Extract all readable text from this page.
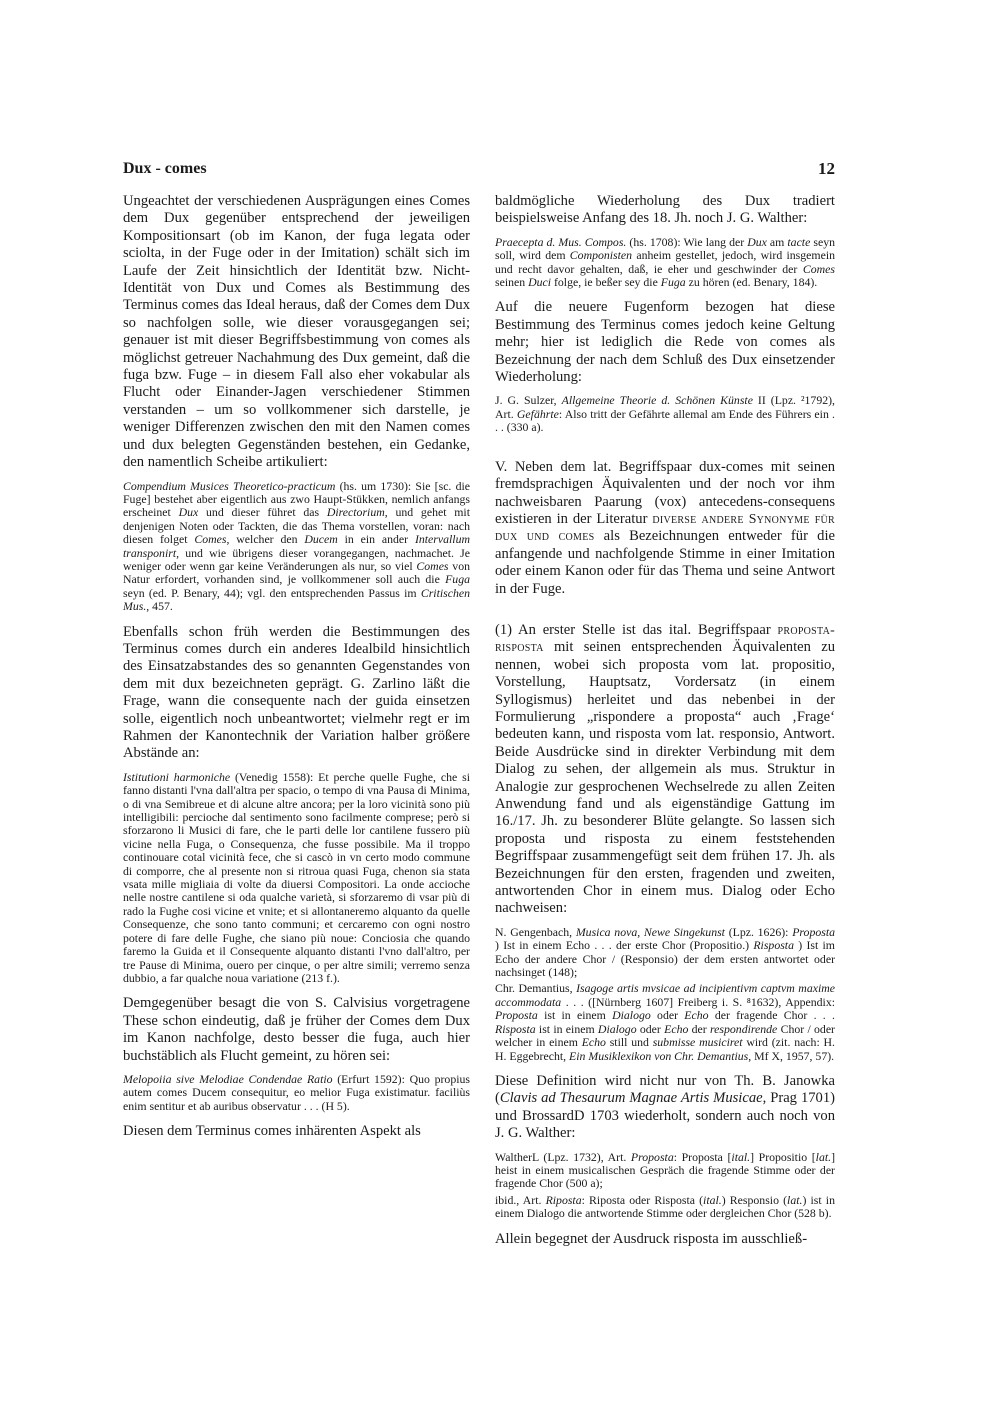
Dux - comes	12

Ungeachtet der verschiedenen Ausprägungen eines Comes dem Dux gegenüber entsprechend der jeweiligen Kompositionsart (ob im Kanon, der fuga legata oder sciolta, in der Fuge oder in der Imitation) schält sich im Laufe der Zeit hinsichtlich der Identität bzw. Nicht-Identität von Dux und Comes als Bestimmung des Terminus comes das Ideal heraus, daß der Comes dem Dux so nachfolgen solle, wie dieser vorausgegangen sei; genauer ist mit dieser Begriffsbestimmung von comes als möglichst getreuer Nachahmung des Dux gemeint, daß die fuga bzw. Fuge – in diesem Fall also eher vokabular als Flucht oder Einander-Jagen verschiedener Stimmen verstanden – um so vollkommener sich darstelle, je weniger Differenzen zwischen den mit den Namen comes und dux belegten Gegenständen bestehen, ein Gedanke, den namentlich Scheibe artikuliert:

Compendium Musices Theoretico-practicum (hs. um 1730): Sie [sc. die Fuge] bestehet aber eigentlich aus zwo Haupt-Stükken, nemlich anfangs erscheinet Dux und dieser führet das Directorium, und gehet mit denjenigen Noten oder Tackten, die das Thema vorstellen, voran: nach diesen folget Comes, welcher den Ducem in ein ander Intervallum transponirt, und wie übrigens dieser vorangegangen, nachmachet. Je weniger oder wenn gar keine Veränderungen als nur, so viel Comes von Natur erfordert, vorhanden sind, je vollkommener soll auch die Fuga seyn (ed. P. Benary, 44); vgl. den entsprechenden Passus im Critischen Mus., 457.

Ebenfalls schon früh werden die Bestimmungen des Terminus comes durch ein anderes Idealbild hinsichtlich des Einsatzabstandes des so genannten Gegenstandes von dem mit dux bezeichneten geprägt. G. Zarlino läßt die Frage, wann die consequente nach der guida einsetzen solle, eigentlich noch unbeantwortet; vielmehr regt er im Rahmen der Kanontechnik der Variation halber größere Abstände an:

Istitutioni harmoniche (Venedig 1558): Et perche quelle Fughe, che si fanno distanti l'vna dall'altra per spacio, o tempo di vna Pausa di Minima, o di vna Semibreue et di alcune altre ancora; per la loro vicinità sono più intelligibili: percioche dal sentimento sono facilmente comprese; però si sforzarono li Musici di fare, che le parti delle lor cantilene fussero più vicine nella Fuga, o Consequenza, che fusse possibile. Ma il troppo continouare cotal vicinità fece, che si cascò in vn certo modo commune di comporre, che al presente non si ritroua quasi Fuga, chenon sia stata vsata mille migliaia di volte da diuersi Compositori. La onde accioche nelle nostre cantilene si oda qualche varietà, si sforzaremo di vsar più di rado la Fughe cosi vicine et vnite; et si allontaneremo alquanto da quelle Consequenze, che sono tanto communi; et cercaremo con ogni nostro potere di fare delle Fughe, che siano più noue: Conciosia che quando faremo la Guida et il Consequente alquanto distanti l'vno dall'altro, per tre Pause di Minima, ouero per cinque, o per altre simili; verremo senza dubbio, a far qualche noua variatione (213 f.).

Demgegenüber besagt die von S. Calvisius vorgetragene These schon eindeutig, daß je früher der Comes dem Dux im Kanon nachfolge, desto besser die fuga, auch hier buchstäblich als Flucht gemeint, zu hören sei:

Melopoiia sive Melodiae Condendae Ratio (Erfurt 1592): Quo propius autem comes Ducem consequitur, eo melior Fuga existimatur. faciliùs enim sentitur et ab auribus observatur . . . (H 5).

Diesen dem Terminus comes inhärenten Aspekt als

baldmögliche Wiederholung des Dux tradiert beispielsweise Anfang des 18. Jh. noch J. G. Walther:

Praecepta d. Mus. Compos. (hs. 1708): Wie lang der Dux am tacte seyn soll, wird dem Componisten anheim gestellet, jedoch, wird insgemein und recht davor gehalten, daß, ie eher und geschwinder der Comes seinen Duci folge, ie beßer sey die Fuga zu hören (ed. Benary, 184).

Auf die neuere Fugenform bezogen hat diese Bestimmung des Terminus comes jedoch keine Geltung mehr; hier ist lediglich die Rede von comes als Bezeichnung der nach dem Schluß des Dux einsetzender Wiederholung:

J. G. Sulzer, Allgemeine Theorie d. Schönen Künste II (Lpz. ²1792), Art. Gefährte: Also tritt der Gefährte allemal am Ende des Führers ein . . . (330 a).

V. Neben dem lat. Begriffspaar dux-comes mit seinen fremdsprachigen Äquivalenten und der noch vor ihm nachweisbaren Paarung (vox) antecedens-consequens existieren in der Literatur diverse andere Synonyme für dux und comes als Bezeichnungen entweder für die anfangende und nachfolgende Stimme in einer Imitation oder einem Kanon oder für das Thema und seine Antwort in der Fuge.

(1) An erster Stelle ist das ital. Begriffspaar proposta-risposta mit seinen entsprechenden Äquivalenten zu nennen, wobei sich proposta vom lat. propositio, Vorstellung, Hauptsatz, Vordersatz (in einem Syllogismus) herleitet und das nebenbei in der Formulierung „rispondere a proposta“ auch ‚Frage‘ bedeuten kann, und risposta vom lat. responsio, Antwort. Beide Ausdrücke sind in direkter Verbindung mit dem Dialog zu sehen, der allgemein als mus. Struktur in Analogie zur gesprochenen Wechselrede zu allen Zeiten Anwendung fand und als eigenständige Gattung im 16./17. Jh. zu besonderer Blüte gelangte. So lassen sich proposta und risposta zu einem feststehenden Begriffspaar zusammengefügt seit dem frühen 17. Jh. als Bezeichnungen für den ersten, fragenden und zweiten, antwortenden Chor in einem mus. Dialog oder Echo nachweisen:

N. Gengenbach, Musica nova, Newe Singekunst (Lpz. 1626): Proposta ) Ist in einem Echo . . . der erste Chor (Propositio.) Risposta ) Ist im Echo der andere Chor / (Responsio) der dem ersten antwortet oder nachsinget (148);

Chr. Demantius, Isagoge artis mvsicae ad incipientivm captvm maxime accommodata . . . ([Nürnberg 1607] Freiberg i. S. ⁸1632), Appendix: Proposta ist in einem Dialogo oder Echo der fragende Chor . . . Risposta ist in einem Dialogo oder Echo der respondirende Chor / oder welcher in einem Echo still und submisse musiciret wird (zit. nach: H. H. Eggebrecht, Ein Musiklexikon von Chr. Demantius, Mf X, 1957, 57).

Diese Definition wird nicht nur von Th. B. Janowka (Clavis ad Thesaurum Magnae Artis Musicae, Prag 1701) und BrossardD 1703 wiederholt, sondern auch noch von J. G. Walther:

WaltherL (Lpz. 1732), Art. Proposta: Proposta [ital.] Propositio [lat.] heist in einem musicalischen Gespräch die fragende Stimme oder der fragende Chor (500 a);

ibid., Art. Riposta: Riposta oder Risposta (ital.) Responsio (lat.) ist in einem Dialogo die antwortende Stimme oder dergleichen Chor (528 b).

Allein begegnet der Ausdruck risposta im ausschließ-
